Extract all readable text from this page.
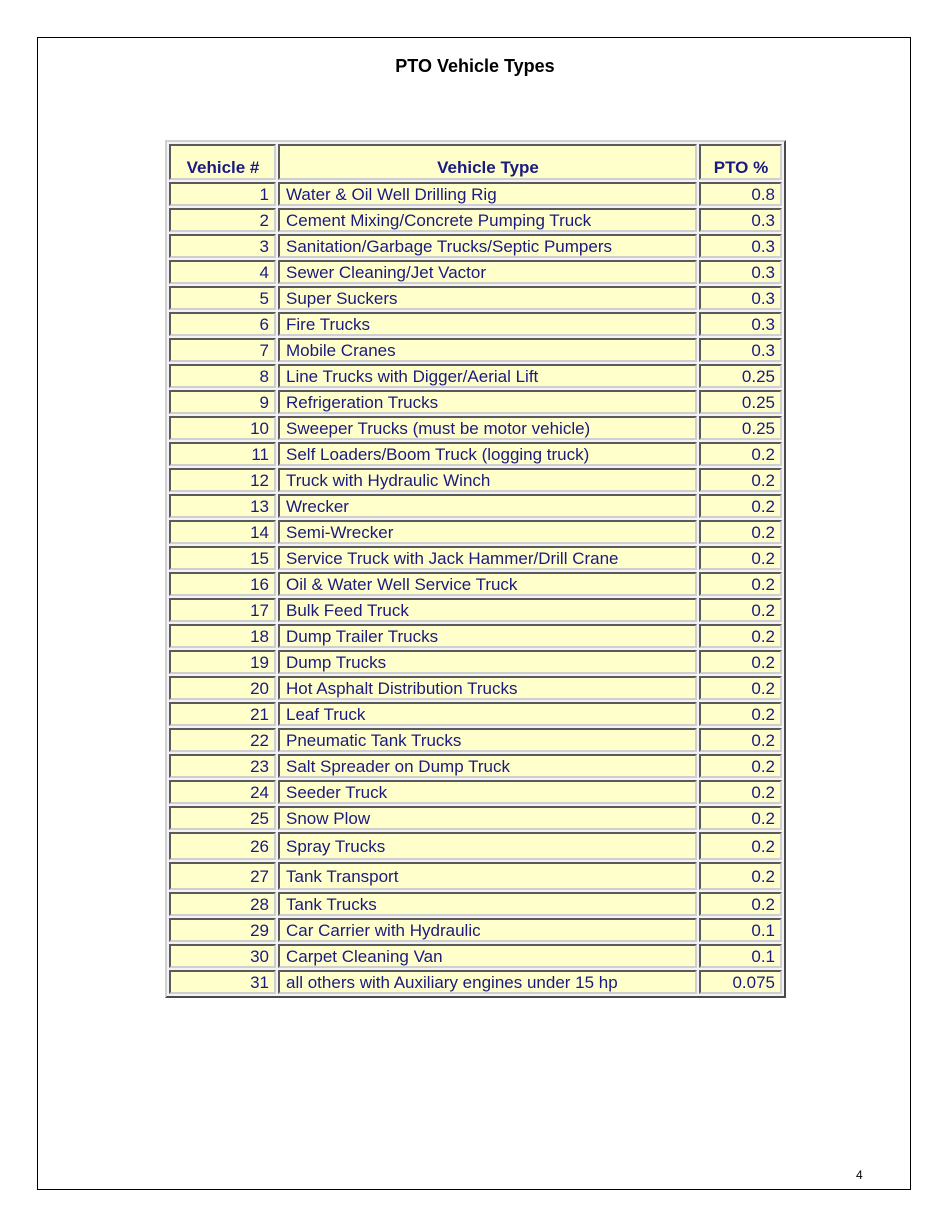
PTO Vehicle Types
Vehicle #	Vehicle Type	PTO %
1	Water & Oil Well Drilling Rig	0.8
2	Cement Mixing/Concrete Pumping Truck	0.3
3	Sanitation/Garbage Trucks/Septic Pumpers	0.3
4	Sewer Cleaning/Jet Vactor	0.3
5	Super Suckers	0.3
6	Fire Trucks	0.3
7	Mobile Cranes	0.3
8	Line Trucks with Digger/Aerial Lift	0.25
9	Refrigeration Trucks	0.25
10	Sweeper Trucks (must be motor vehicle)	0.25
11	Self Loaders/Boom Truck (logging truck)	0.2
12	Truck with Hydraulic Winch	0.2
13	Wrecker	0.2
14	Semi-Wrecker	0.2
15	Service Truck with Jack Hammer/Drill Crane	0.2
16	Oil & Water Well Service Truck	0.2
17	Bulk Feed Truck	0.2
18	Dump Trailer Trucks	0.2
19	Dump Trucks	0.2
20	Hot Asphalt Distribution Trucks	0.2
21	Leaf Truck	0.2
22	Pneumatic Tank Trucks	0.2
23	Salt Spreader on Dump Truck	0.2
24	Seeder Truck	0.2
25	Snow Plow	0.2
26	Spray Trucks	0.2
27	Tank Transport	0.2
28	Tank Trucks	0.2
29	Car Carrier with Hydraulic	0.1
30	Carpet Cleaning Van	0.1
31	all others with Auxiliary engines under 15 hp	0.075
4
